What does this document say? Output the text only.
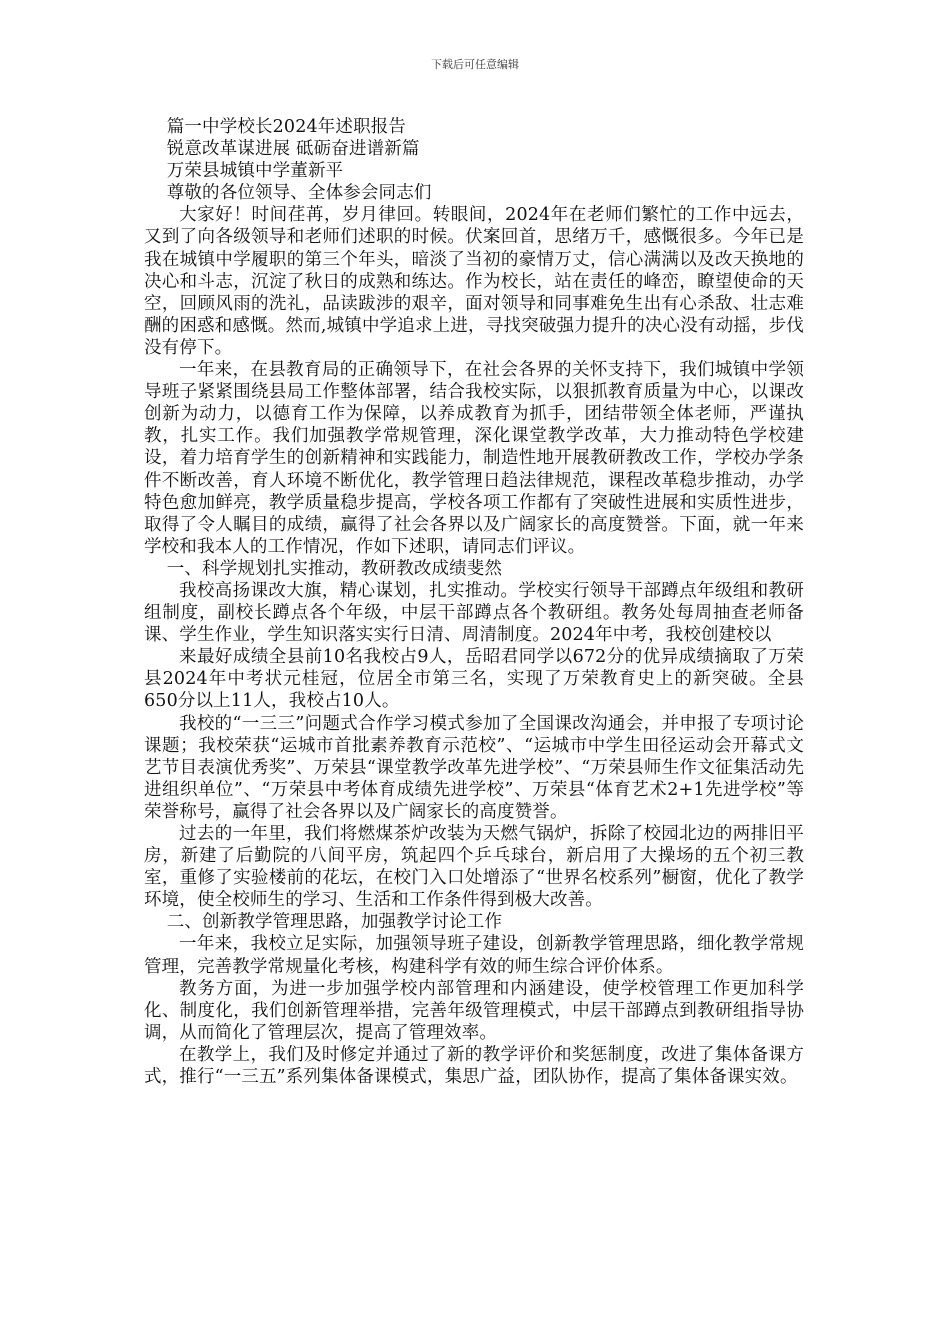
下载后可任意编辑

篇一中学校长2024年述职报告

锐意改革谋进展 砥砺奋进谱新篇

万荣县城镇中学董新平

尊敬的各位领导、全体参会同志们

大家好！时间荏苒，岁月律回。转眼间，2024年在老师们繁忙的工作中远去，又到了向各级领导和老师们述职的时候。伏案回首，思绪万千，感慨很多。今年已是我在城镇中学履职的第三个年头，暗淡了当初的豪情万丈，信心满满以及改天换地的决心和斗志，沉淀了秋日的成熟和练达。作为校长，站在责任的峰峦，瞭望使命的天空，回顾风雨的洗礼，品读跋涉的艰辛，面对领导和同事难免生出有心杀敌、壮志难酬的困惑和感慨。然而,城镇中学追求上进，寻找突破强力提升的决心没有动摇，步伐没有停下。

一年来，在县教育局的正确领导下，在社会各界的关怀支持下，我们城镇中学领导班子紧紧围绕县局工作整体部署，结合我校实际，以狠抓教育质量为中心，以课改创新为动力，以德育工作为保障，以养成教育为抓手，团结带领全体老师，严谨执教，扎实工作。我们加强教学常规管理，深化课堂教学改革，大力推动特色学校建设，着力培育学生的创新精神和实践能力，制造性地开展教研教改工作，学校办学条件不断改善，育人环境不断优化，教学管理日趋法律规范，课程改革稳步推动，办学特色愈加鲜亮，教学质量稳步提高，学校各项工作都有了突破性进展和实质性进步，取得了令人瞩目的成绩，赢得了社会各界以及广阔家长的高度赞誉。下面，就一年来学校和我本人的工作情况，作如下述职，请同志们评议。

一、科学规划扎实推动，教研教改成绩斐然

我校高扬课改大旗，精心谋划，扎实推动。学校实行领导干部蹲点年级组和教研组制度，副校长蹲点各个年级，中层干部蹲点各个教研组。教务处每周抽查老师备课、学生作业，学生知识落实实行日清、周清制度。2024年中考，我校创建校以

来最好成绩全县前10名我校占9人，岳昭君同学以672分的优异成绩摘取了万荣县2024年中考状元桂冠，位居全市第三名，实现了万荣教育史上的新突破。全县650分以上11人，我校占10人。

我校的“一三三”问题式合作学习模式参加了全国课改沟通会，并申报了专项讨论课题；我校荣获“运城市首批素养教育示范校”、“运城市中学生田径运动会开幕式文艺节目表演优秀奖”、万荣县“课堂教学改革先进学校”、“万荣县师生作文征集活动先进组织单位”、“万荣县中考体育成绩先进学校”、万荣县“体育艺术2+1先进学校”等荣誉称号，赢得了社会各界以及广阔家长的高度赞誉。

过去的一年里，我们将燃煤茶炉改装为天燃气锅炉，拆除了校园北边的两排旧平房，新建了后勤院的八间平房，筑起四个乒乓球台，新启用了大操场的五个初三教室，重修了实验楼前的花坛，在校门入口处增添了“世界名校系列”橱窗，优化了教学环境，使全校师生的学习、生活和工作条件得到极大改善。

二、创新教学管理思路，加强教学讨论工作

一年来，我校立足实际，加强领导班子建设，创新教学管理思路，细化教学常规管理，完善教学常规量化考核，构建科学有效的师生综合评价体系。

教务方面，为进一步加强学校内部管理和内涵建设，使学校管理工作更加科学化、制度化，我们创新管理举措，完善年级管理模式，中层干部蹲点到教研组指导协调，从而简化了管理层次，提高了管理效率。

在教学上，我们及时修定并通过了新的教学评价和奖惩制度，改进了集体备课方式，推行“一三五”系列集体备课模式，集思广益，团队协作，提高了集体备课实效。
